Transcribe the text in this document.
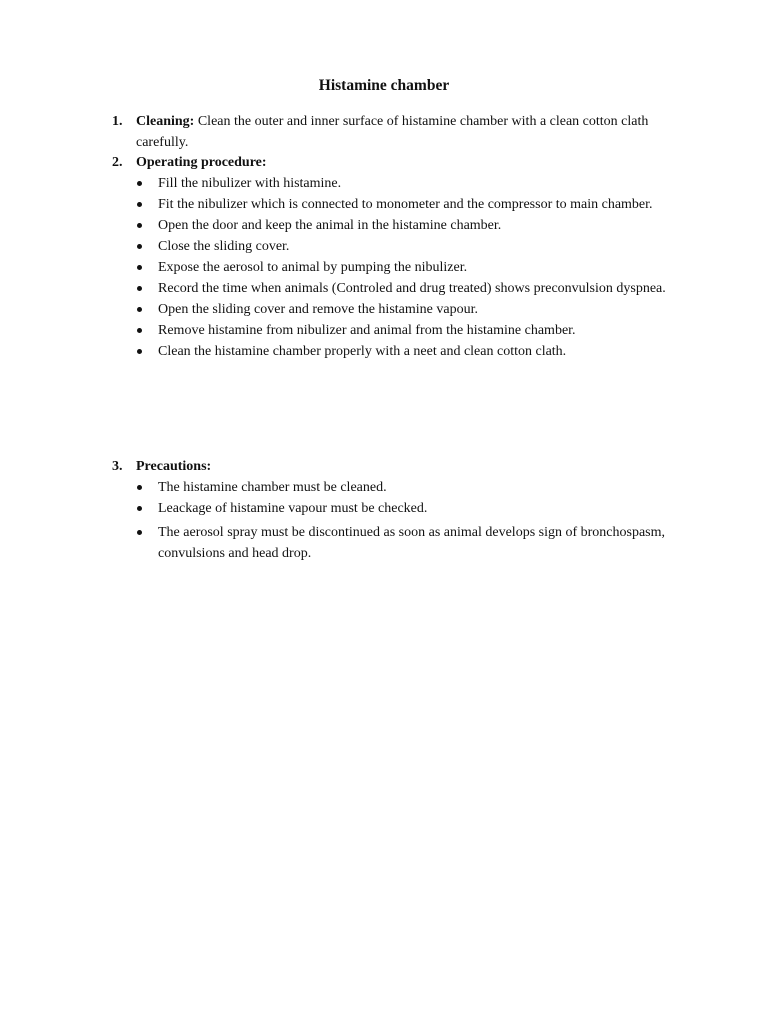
Histamine chamber
1. Cleaning: Clean the outer and inner surface of histamine chamber with a clean cotton clath carefully.
2. Operating procedure:
Fill the nibulizer with histamine.
Fit the nibulizer which is connected to monometer and the compressor to main chamber.
Open the door and keep the animal in the histamine chamber.
Close the sliding cover.
Expose the aerosol to animal by pumping the nibulizer.
Record the time when animals (Controled and drug treated) shows preconvulsion dyspnea.
Open the sliding cover and remove the histamine vapour.
Remove histamine from nibulizer and animal from the histamine chamber.
Clean the histamine chamber properly with a neet and clean cotton clath.
3. Precautions:
The histamine chamber must be cleaned.
Leackage of histamine vapour must be checked.
The aerosol spray must be discontinued as soon as animal develops sign of bronchospasm, convulsions and head drop.
